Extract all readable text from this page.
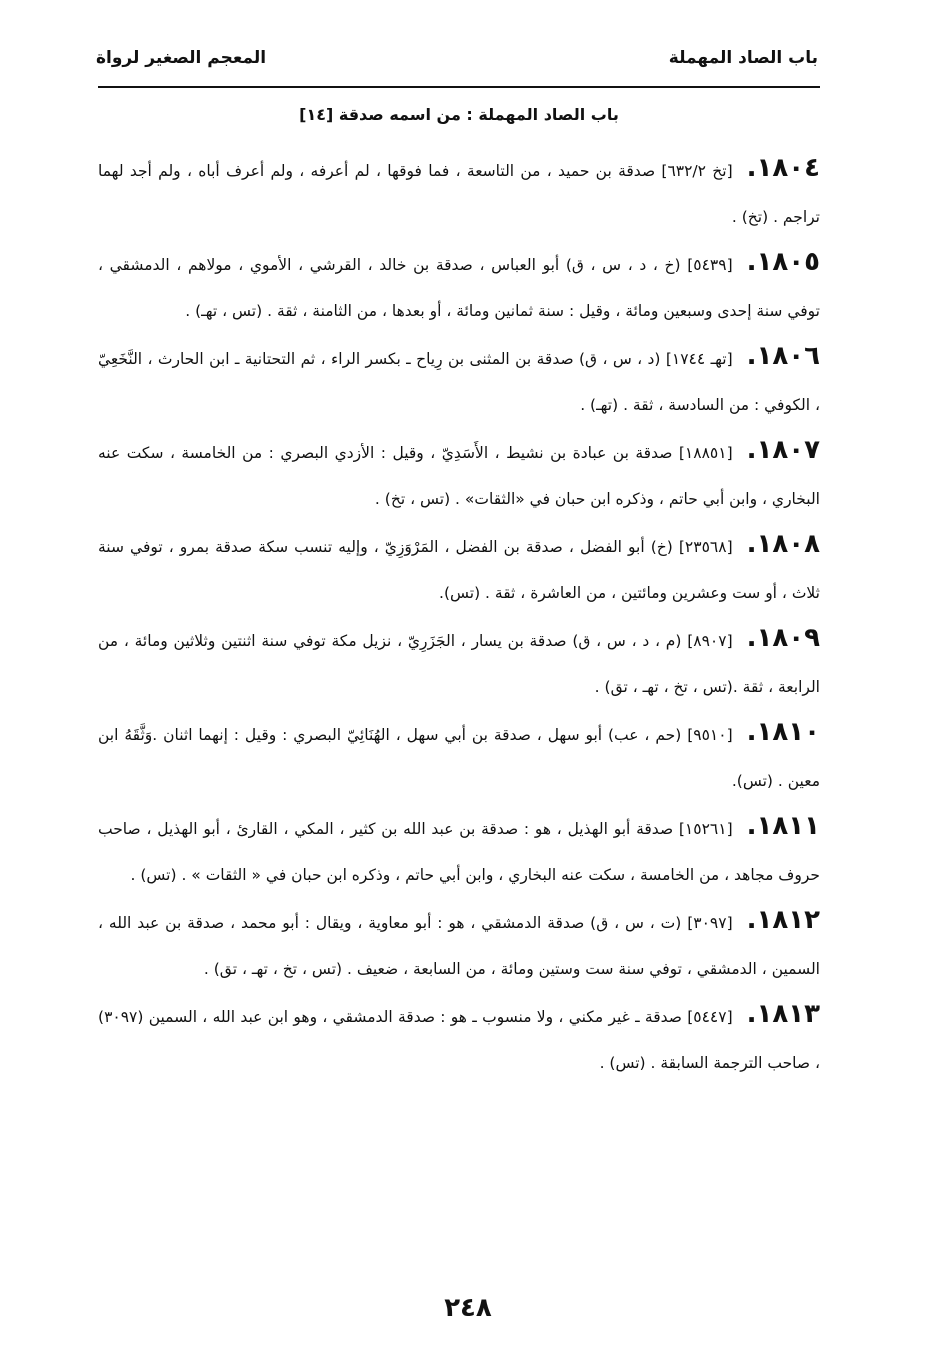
المعجم الصغير لرواة	باب الصاد المهملة
[١٤] باب الصاد المهملة : من اسمه صدقة

١٨٠٤.[تخ ٦٣٢/٢] صدقة بن حميد ، من التاسعة ، فما فوقها ، لم أعرفه ، ولم أعرف أباه ، ولم أجد لهما تراجم . (تخ) .

١٨٠٥.[٥٤٣٩] (خ ، د ، س ، ق) أبو العباس ، صدقة بن خالد ، القرشي ، الأموي ، مولاهم ، الدمشقي ، توفي سنة إحدى وسبعين ومائة ، وقيل : سنة ثمانين ومائة ، أو بعدها ، من الثامنة ، ثقة . (تس ، تهـ) .

١٨٠٦.[تهـ ١٧٤٤] (د ، س ، ق) صدقة بن المثنى بن رِياح ـ بكسر الراء ، ثم التحتانية ـ ابن الحارث ، النَّخَعِيّ ، الكوفي : من السادسة ، ثقة . (تهـ) .

١٨٠٧.[١٨٨٥١] صدقة بن عبادة بن نشيط ، الأَسَدِيّ ، وقيل : الأزدي البصري : من الخامسة ، سكت عنه البخاري ، وابن أبي حاتم ، وذكره ابن حبان في «الثقات» . (تس ، تخ) .

١٨٠٨.[٢٣٥٦٨] (خ) أبو الفضل ، صدقة بن الفضل ، المَرْوَزِيّ ، وإليه تنسب سكة صدقة بمرو ، توفي سنة ثلاث ، أو ست وعشرين ومائتين ، من العاشرة ، ثقة . (تس).

١٨٠٩.[٨٩٠٧] (م ، د ، س ، ق) صدقة بن يسار ، الجَزَرِيّ ، نزيل مكة توفي سنة اثنتين وثلاثين ومائة ، من الرابعة ، ثقة .(تس ، تخ ، تهـ ، تق) .

١٨١٠.[٩٥١٠] (حم ، عب) أبو سهل ، صدقة بن أبي سهل ، الهُنَائِيّ البصري : وقيل : إنهما اثنان .وَثَّقَهُ ابن معين . (تس).

١٨١١.[١٥٢٦١] صدقة أبو الهذيل ، هو : صدقة بن عبد الله بن كثير ، المكي ، القارئ ، أبو الهذيل ، صاحب حروف مجاهد ، من الخامسة ، سكت عنه البخاري ، وابن أبي حاتم ، وذكره ابن حبان في « الثقات » . (تس) .

١٨١٢.[٣٠٩٧] (ت ، س ، ق) صدقة الدمشقي ، هو : أبو معاوية ، ويقال : أبو محمد ، صدقة بن عبد الله ، السمين ، الدمشقي ، توفي سنة ست وستين ومائة ، من السابعة ، ضعيف . (تس ، تخ ، تهـ ، تق) .

١٨١٣.[٥٤٤٧] صدقة ـ غير مكني ، ولا منسوب ـ هو : صدقة الدمشقي ، وهو ابن عبد الله ، السمين (٣٠٩٧) ، صاحب الترجمة السابقة . (تس) .

٢٤٨
